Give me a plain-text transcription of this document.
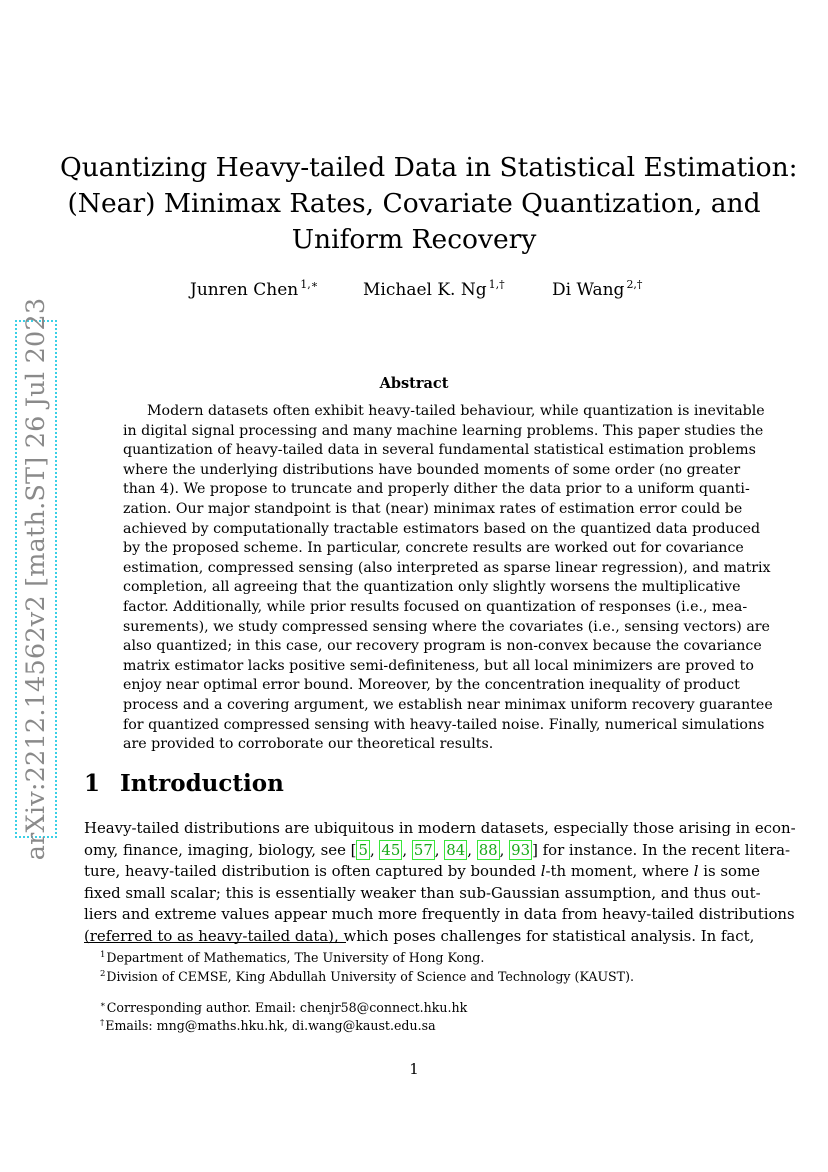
arXiv:2212.14562v2 [math.ST] 26 Jul 2023
Quantizing Heavy-tailed Data in Statistical Estimation:
(Near) Minimax Rates, Covariate Quantization, and
Uniform Recovery
Junren Chen $^{1,∗}$	Michael K. Ng $^{1,\dagger}$	Di Wang $^{2,\dagger}$
Abstract
Modern datasets often exhibit heavy-tailed behaviour, while quantization is inevitable
in digital signal processing and many machine learning problems. This paper studies the
quantization of heavy-tailed data in several fundamental statistical estimation problems
where the underlying distributions have bounded moments of some order (no greater
than 4). We propose to truncate and properly dither the data prior to a uniform quanti-
zation. Our major standpoint is that (near) minimax rates of estimation error could be
achieved by computationally tractable estimators based on the quantized data produced
by the proposed scheme. In particular, concrete results are worked out for covariance
estimation, compressed sensing (also interpreted as sparse linear regression), and matrix
completion, all agreeing that the quantization only slightly worsens the multiplicative
factor. Additionally, while prior results focused on quantization of responses (i.e., mea-
surements), we study compressed sensing where the covariates (i.e., sensing vectors) are
also quantized; in this case, our recovery program is non-convex because the covariance
matrix estimator lacks positive semi-definiteness, but all local minimizers are proved to
enjoy near optimal error bound. Moreover, by the concentration inequality of product
process and a covering argument, we establish near minimax uniform recovery guarantee
for quantized compressed sensing with heavy-tailed noise. Finally, numerical simulations
are provided to corroborate our theoretical results.
1 Introduction
Heavy-tailed distributions are ubiquitous in modern datasets, especially those arising in econ-
omy, finance, imaging, biology, see [ 5 , 45 , 57 , 84 , 88 , 93 ] for instance. In the recent litera-
ture, heavy-tailed distribution is often captured by bounded l-th moment, where l is some
fixed small scalar; this is essentially weaker than sub-Gaussian assumption, and thus out-
liers and extreme values appear much more frequently in data from heavy-tailed distributions
(referred to as heavy-tailed data), which poses challenges for statistical analysis. In fact,
$^1$Department of Mathematics, The University of Hong Kong.
$^2$Division of CEMSE, King Abdullah University of Science and Technology (KAUST).
∗Corresponding author. Email: chenjr58@connect.hku.hk
†Emails: mng@maths.hku.hk, di.wang@kaust.edu.sa
1
